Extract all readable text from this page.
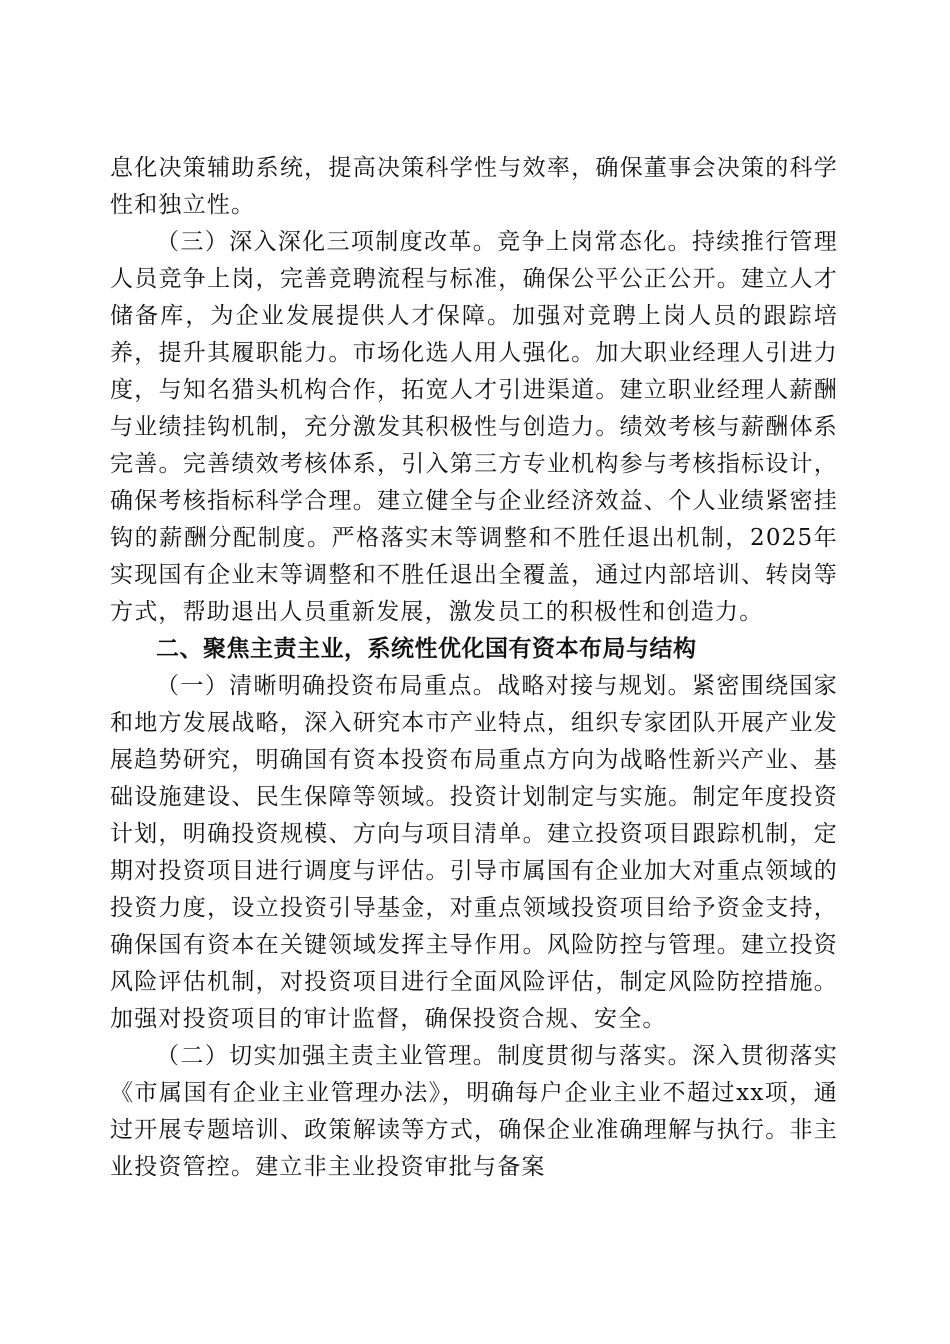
息化决策辅助系统，提高决策科学性与效率，确保董事会决策的科学性和独立性。

（三）深入深化三项制度改革。竞争上岗常态化。持续推行管理人员竞争上岗，完善竞聘流程与标准，确保公平公正公开。建立人才储备库，为企业发展提供人才保障。加强对竞聘上岗人员的跟踪培养，提升其履职能力。市场化选人用人强化。加大职业经理人引进力度，与知名猎头机构合作，拓宽人才引进渠道。建立职业经理人薪酬与业绩挂钩机制，充分激发其积极性与创造力。绩效考核与薪酬体系完善。完善绩效考核体系，引入第三方专业机构参与考核指标设计，确保考核指标科学合理。建立健全与企业经济效益、个人业绩紧密挂钩的薪酬分配制度。严格落实末等调整和不胜任退出机制，2025年实现国有企业末等调整和不胜任退出全覆盖，通过内部培训、转岗等方式，帮助退出人员重新发展，激发员工的积极性和创造力。

二、聚焦主责主业，系统性优化国有资本布局与结构

（一）清晰明确投资布局重点。战略对接与规划。紧密围绕国家和地方发展战略，深入研究本市产业特点，组织专家团队开展产业发展趋势研究，明确国有资本投资布局重点方向为战略性新兴产业、基础设施建设、民生保障等领域。投资计划制定与实施。制定年度投资计划，明确投资规模、方向与项目清单。建立投资项目跟踪机制，定期对投资项目进行调度与评估。引导市属国有企业加大对重点领域的投资力度，设立投资引导基金，对重点领域投资项目给予资金支持，确保国有资本在关键领域发挥主导作用。风险防控与管理。建立投资风险评估机制，对投资项目进行全面风险评估，制定风险防控措施。加强对投资项目的审计监督，确保投资合规、安全。

（二）切实加强主责主业管理。制度贯彻与落实。深入贯彻落实《市属国有企业主业管理办法》，明确每户企业主业不超过xx项，通过开展专题培训、政策解读等方式，确保企业准确理解与执行。非主业投资管控。建立非主业投资审批与备案
